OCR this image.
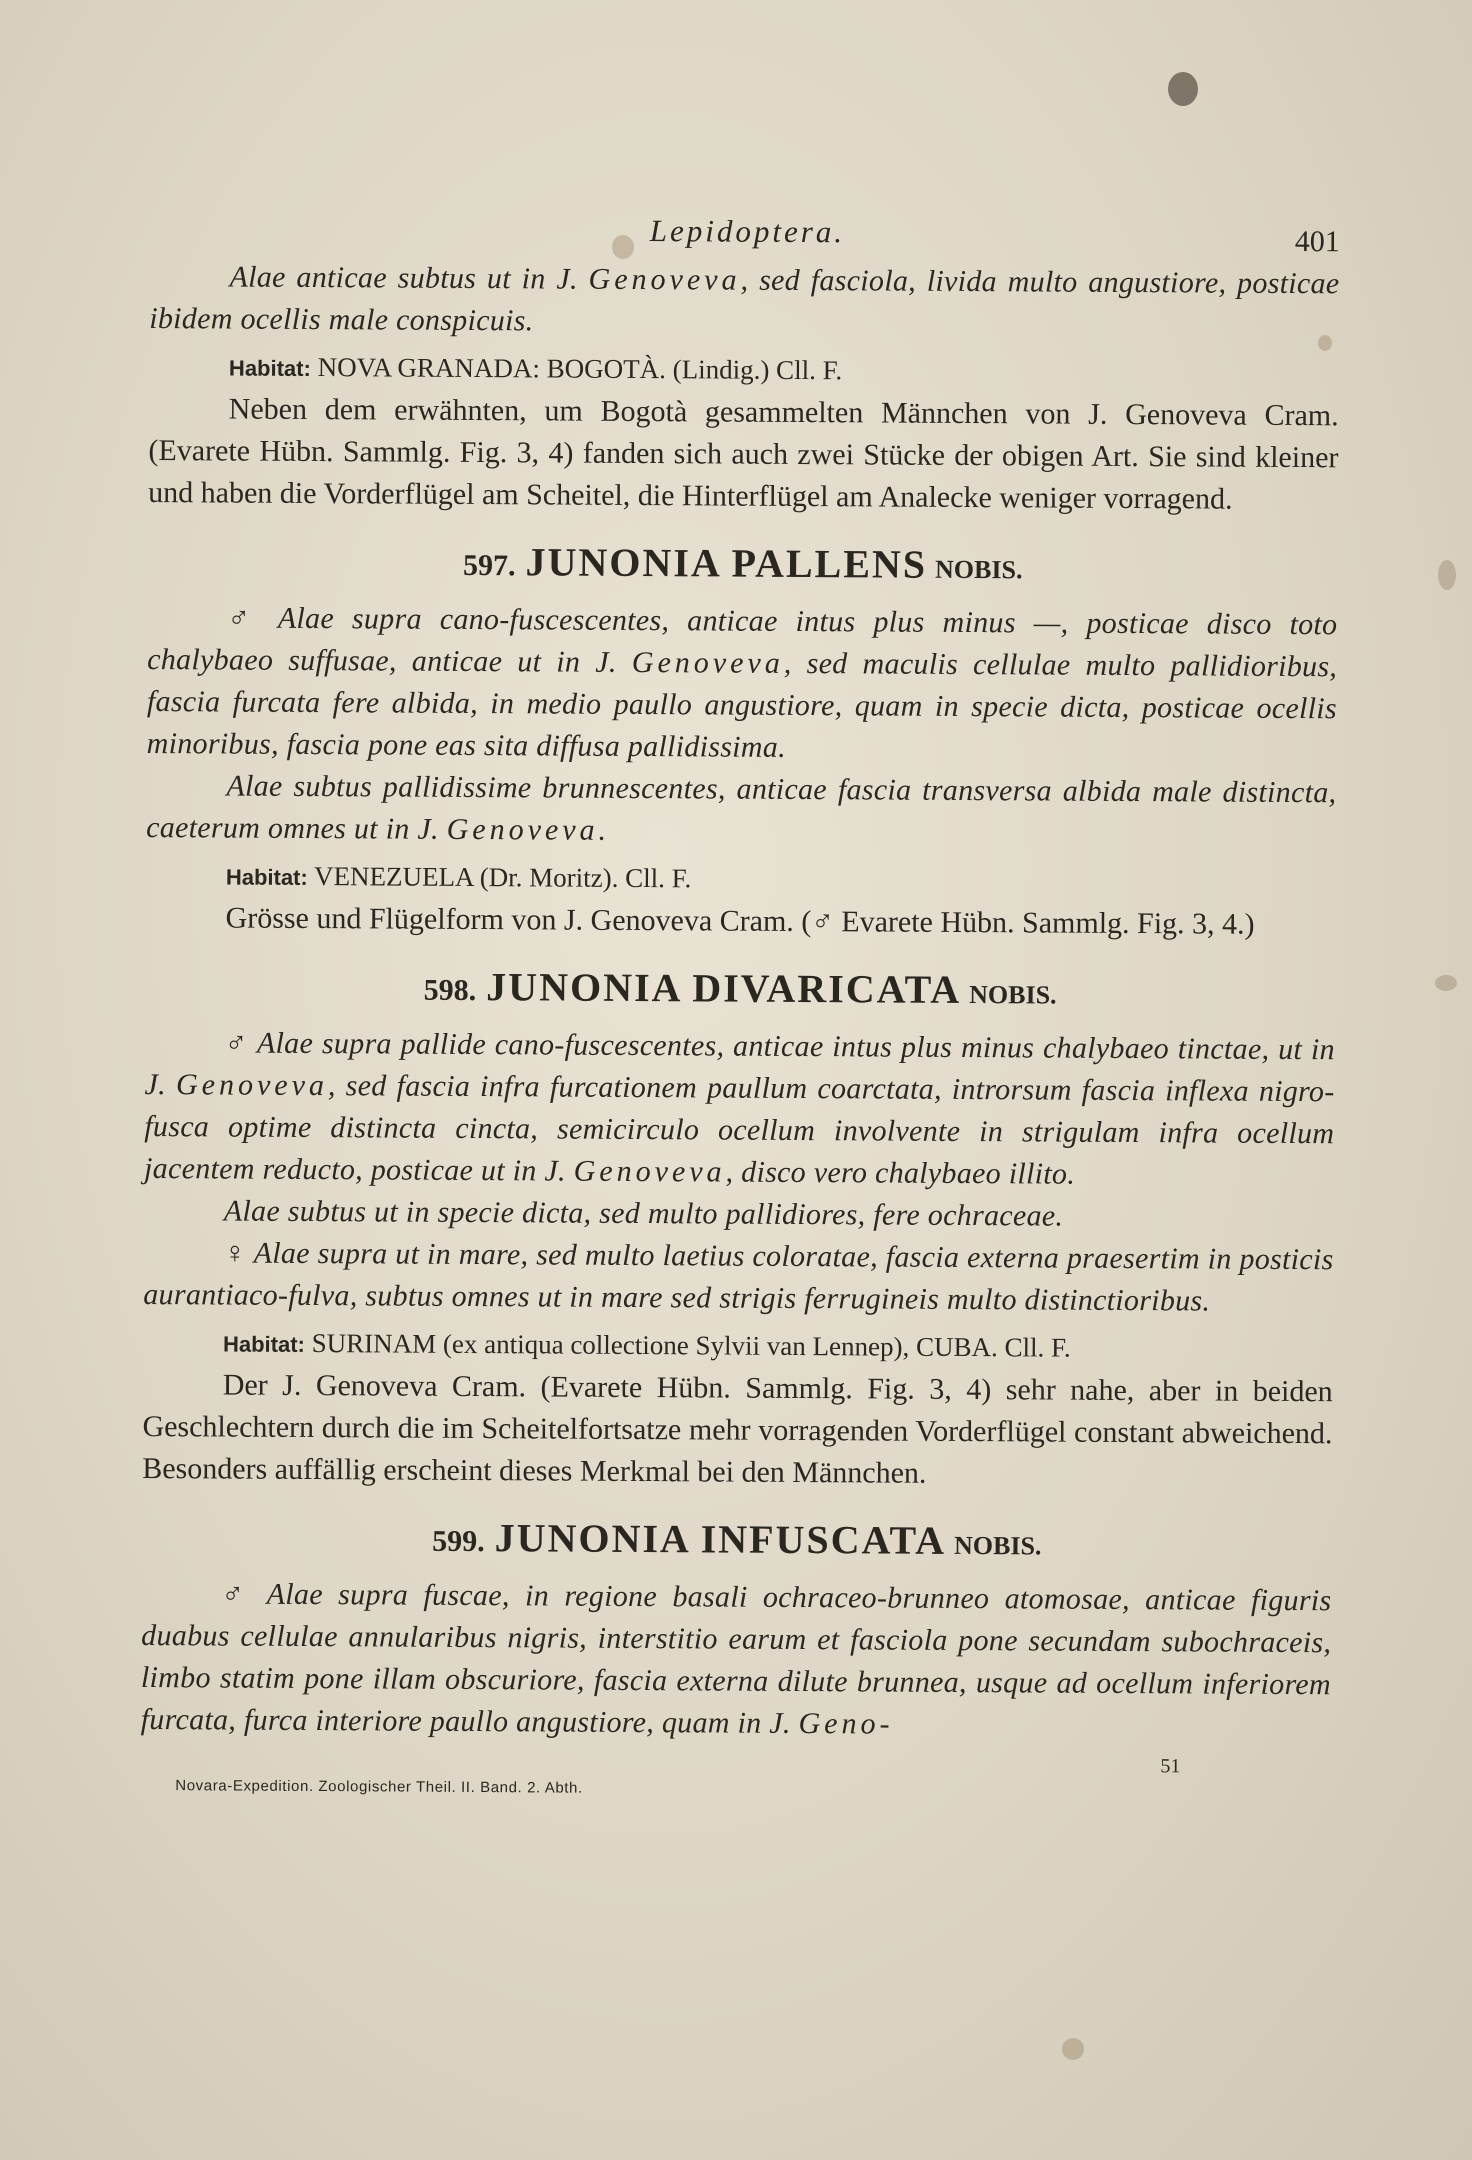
Lepidoptera.	401

Alae anticae subtus ut in J. Genoveva, sed fasciola, livida multo angustiore, posticae ibidem ocellis male conspicuis.

Habitat: NOVA GRANADA: BOGOTÀ. (Lindig.) Cll. F.

Neben dem erwähnten, um Bogotà gesammelten Männchen von J. Genoveva Cram. (Evarete Hübn. Sammlg. Fig. 3, 4) fanden sich auch zwei Stücke der obigen Art. Sie sind kleiner und haben die Vorderflügel am Scheitel, die Hinterflügel am Analecke weniger vorragend.

597. JUNONIA PALLENS NOBIS.

♂ Alae supra cano-fuscescentes, anticae intus plus minus —, posticae disco toto chalybaeo suffusae, anticae ut in J. Genoveva, sed maculis cellulae multo pallidioribus, fascia furcata fere albida, in medio paullo angustiore, quam in specie dicta, posticae ocellis minoribus, fascia pone eas sita diffusa pallidissima.

Alae subtus pallidissime brunnescentes, anticae fascia transversa albida male distincta, caeterum omnes ut in J. Genoveva.

Habitat: VENEZUELA (Dr. Moritz). Cll. F.

Grösse und Flügelform von J. Genoveva Cram. (♂ Evarete Hübn. Sammlg. Fig. 3, 4.)

598. JUNONIA DIVARICATA NOBIS.

♂ Alae supra pallide cano-fuscescentes, anticae intus plus minus chalybaeo tinctae, ut in J. Genoveva, sed fascia infra furcationem paullum coarctata, introrsum fascia inflexa nigro-fusca optime distincta cincta, semicirculo ocellum involvente in strigulam infra ocellum jacentem reducto, posticae ut in J. Genoveva, disco vero chalybaeo illito.

Alae subtus ut in specie dicta, sed multo pallidiores, fere ochraceae.

♀ Alae supra ut in mare, sed multo laetius coloratae, fascia externa praesertim in posticis aurantiaco-fulva, subtus omnes ut in mare sed strigis ferrugineis multo distinctioribus.

Habitat: SURINAM (ex antiqua collectione Sylvii van Lennep), CUBA. Cll. F.

Der J. Genoveva Cram. (Evarete Hübn. Sammlg. Fig. 3, 4) sehr nahe, aber in beiden Geschlechtern durch die im Scheitelfortsatze mehr vorragenden Vorderflügel constant abweichend. Besonders auffällig erscheint dieses Merkmal bei den Männchen.

599. JUNONIA INFUSCATA NOBIS.

♂ Alae supra fuscae, in regione basali ochraceo-brunneo atomosae, anticae figuris duabus cellulae annularibus nigris, interstitio earum et fasciola pone secundam subochraceis, limbo statim pone illam obscuriore, fascia externa dilute brunnea, usque ad ocellum inferiorem furcata, furca interiore paullo angustiore, quam in J. Geno-

51
Novara-Expedition. Zoologischer Theil. II. Band. 2. Abth.
